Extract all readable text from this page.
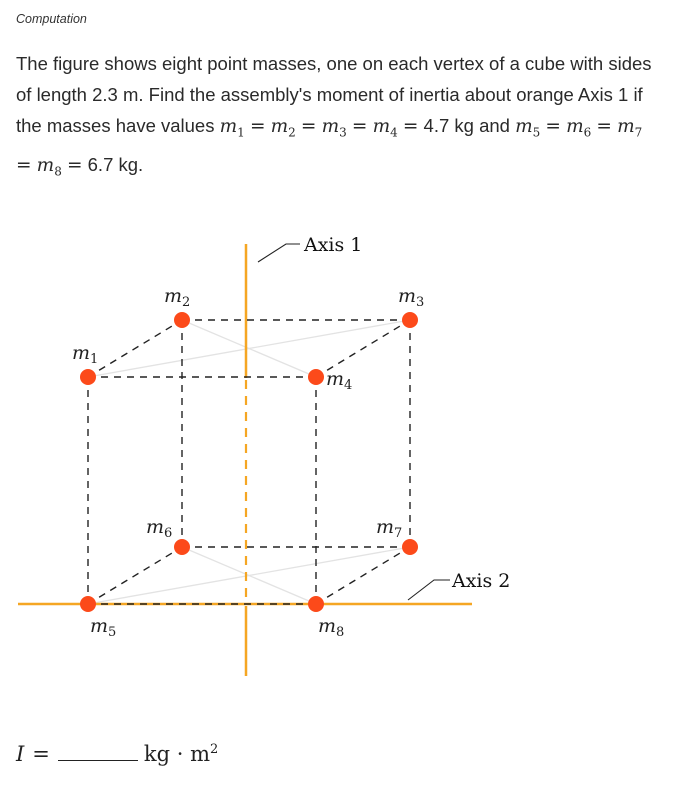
Computation
The figure shows eight point masses, one on each vertex of a cube with sides of length 2.3 m. Find the assembly's moment of inertia about orange Axis 1 if the masses have values $m_1 = m_2 = m_3 = m_4 = 4.7$ kg and $m_5 = m_6 = m_7 = m_8 = 6.7$ kg.
Axis 1
Axis 2
$m_1$
$m_2$	$m_3$
$m_4$
$m_5$
$m_6$	$m_7$
$m_8$
I =	kg · $m^2$
